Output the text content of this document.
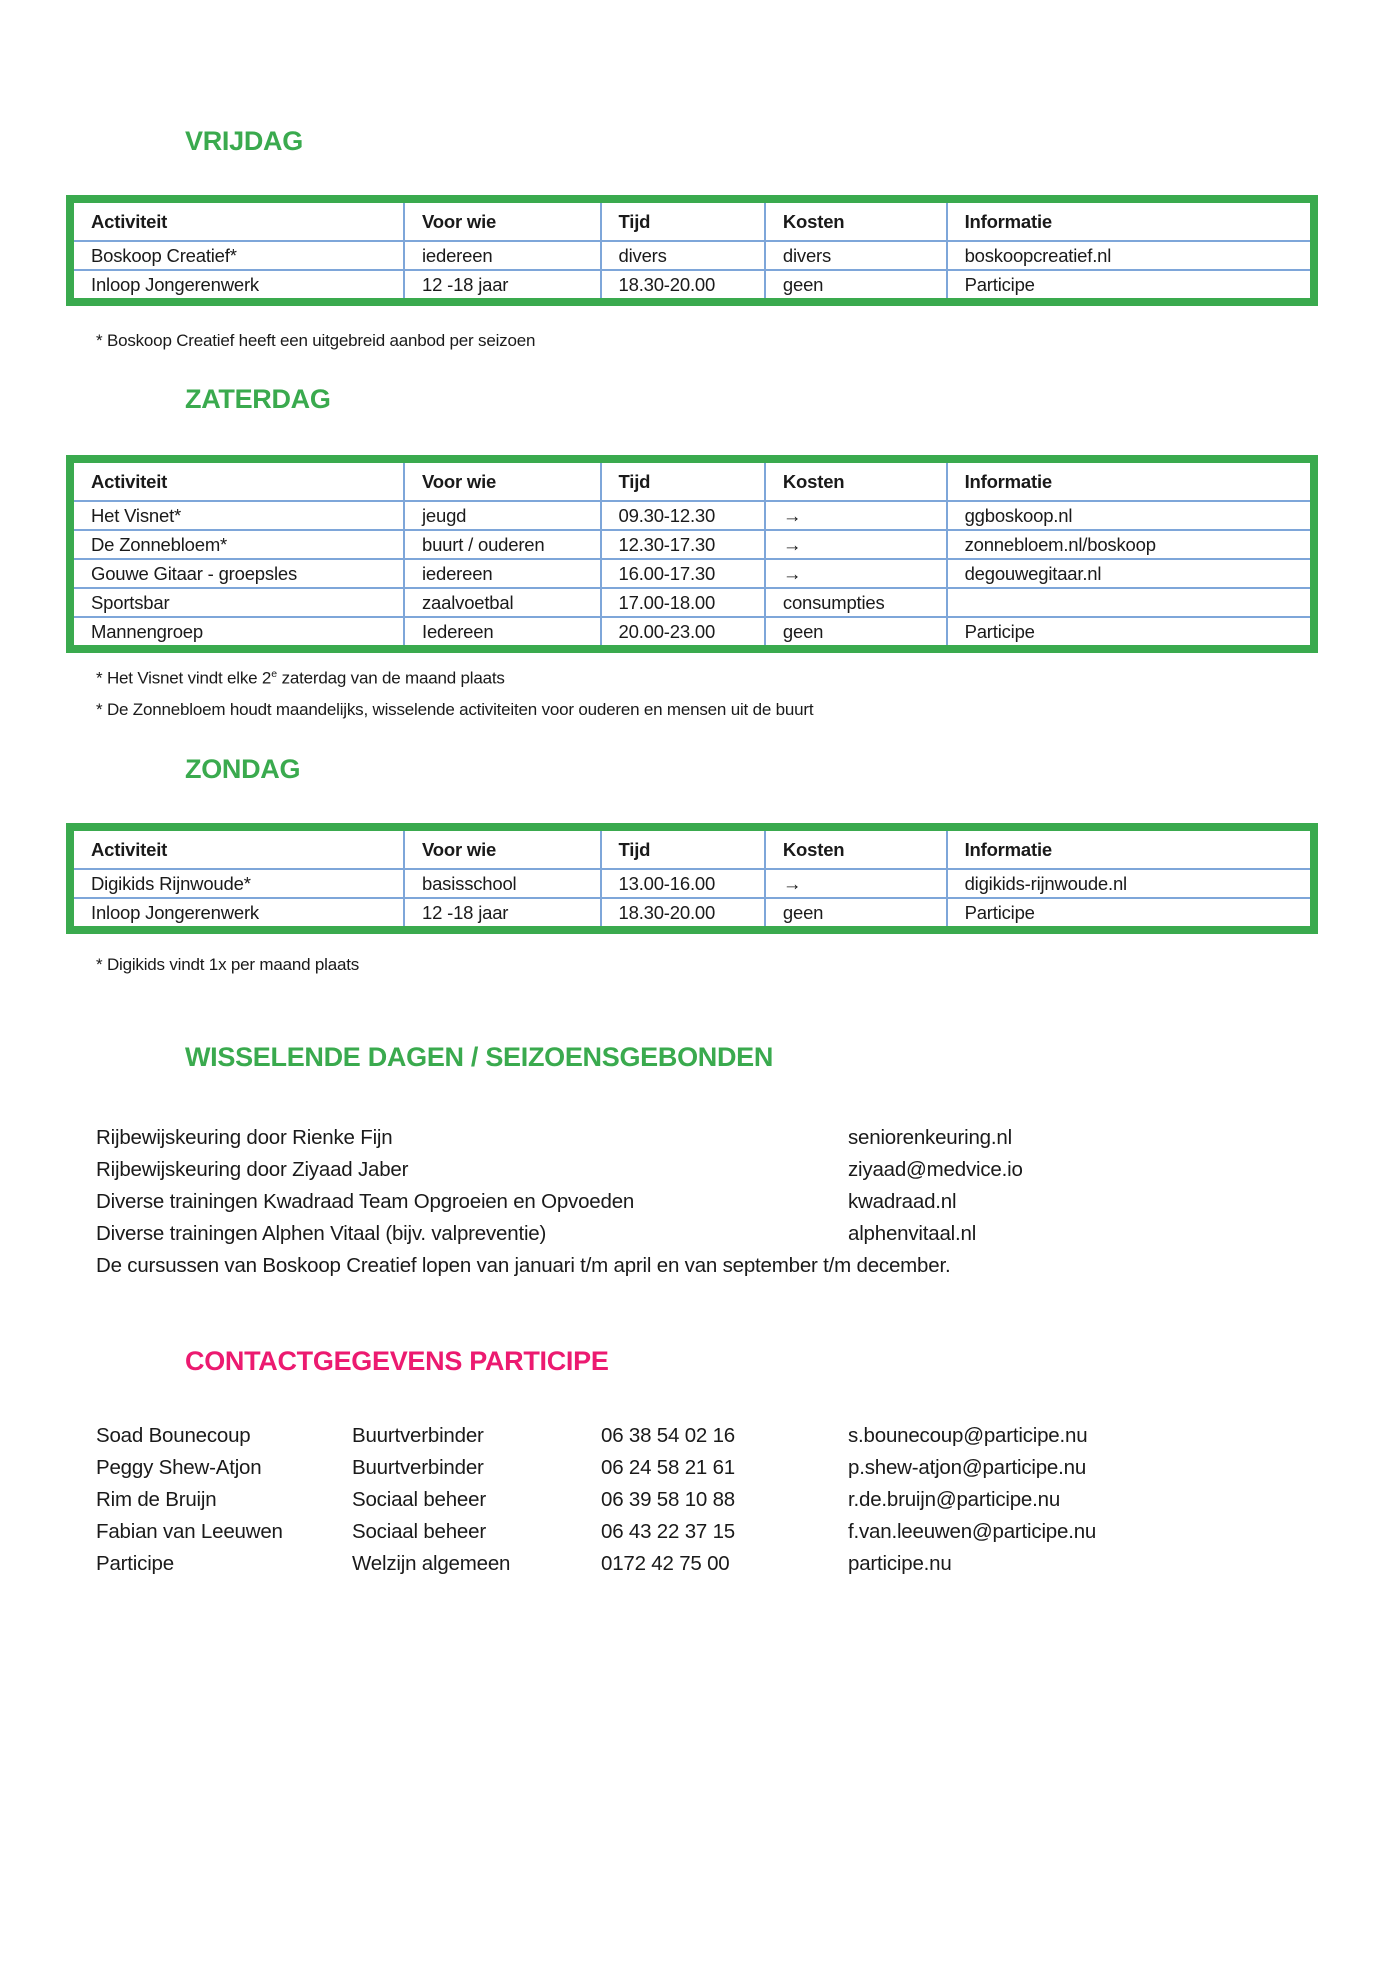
VRIJDAG
Activiteit	Voor wie	Tijd	Kosten	Informatie
Boskoop Creatief*	iedereen	divers	divers	boskoopcreatief.nl
Inloop Jongerenwerk	12 -18 jaar	18.30-20.00	geen	Participe
* Boskoop Creatief heeft een uitgebreid aanbod per seizoen
ZATERDAG
Activiteit	Voor wie	Tijd	Kosten	Informatie
Het Visnet*	jeugd	09.30-12.30	→	ggboskoop.nl
De Zonnebloem*	buurt / ouderen	12.30-17.30	→	zonnebloem.nl/boskoop
Gouwe Gitaar - groepsles	iedereen	16.00-17.30	→	degouwegitaar.nl
Sportsbar	zaalvoetbal	17.00-18.00	consumpties	
Mannengroep	Iedereen	20.00-23.00	geen	Participe
* Het Visnet vindt elke 2e zaterdag van de maand plaats
* De Zonnebloem houdt maandelijks, wisselende activiteiten voor ouderen en mensen uit de buurt
ZONDAG
Activiteit	Voor wie	Tijd	Kosten	Informatie
Digikids Rijnwoude*	basisschool	13.00-16.00	→	digikids-rijnwoude.nl
Inloop Jongerenwerk	12 -18 jaar	18.30-20.00	geen	Participe
* Digikids vindt 1x per maand plaats
WISSELENDE DAGEN / SEIZOENSGEBONDEN
Rijbewijskeuring door Rienke Fijn	seniorenkeuring.nl
Rijbewijskeuring door Ziyaad Jaber	ziyaad@medvice.io
Diverse trainingen Kwadraad Team Opgroeien en Opvoeden	kwadraad.nl
Diverse trainingen Alphen Vitaal (bijv. valpreventie)	alphenvitaal.nl
De cursussen van Boskoop Creatief lopen van januari t/m april en van september t/m december.
CONTACTGEGEVENS PARTICIPE
Soad Bounecoup	Buurtverbinder	06 38 54 02 16	s.bounecoup@participe.nu
Peggy Shew-Atjon	Buurtverbinder	06 24 58 21 61	p.shew-atjon@participe.nu
Rim de Bruijn	Sociaal beheer	06 39 58 10 88	r.de.bruijn@participe.nu
Fabian van Leeuwen	Sociaal beheer	06 43 22 37 15	f.van.leeuwen@participe.nu
Participe	Welzijn algemeen	0172 42 75 00	participe.nu
